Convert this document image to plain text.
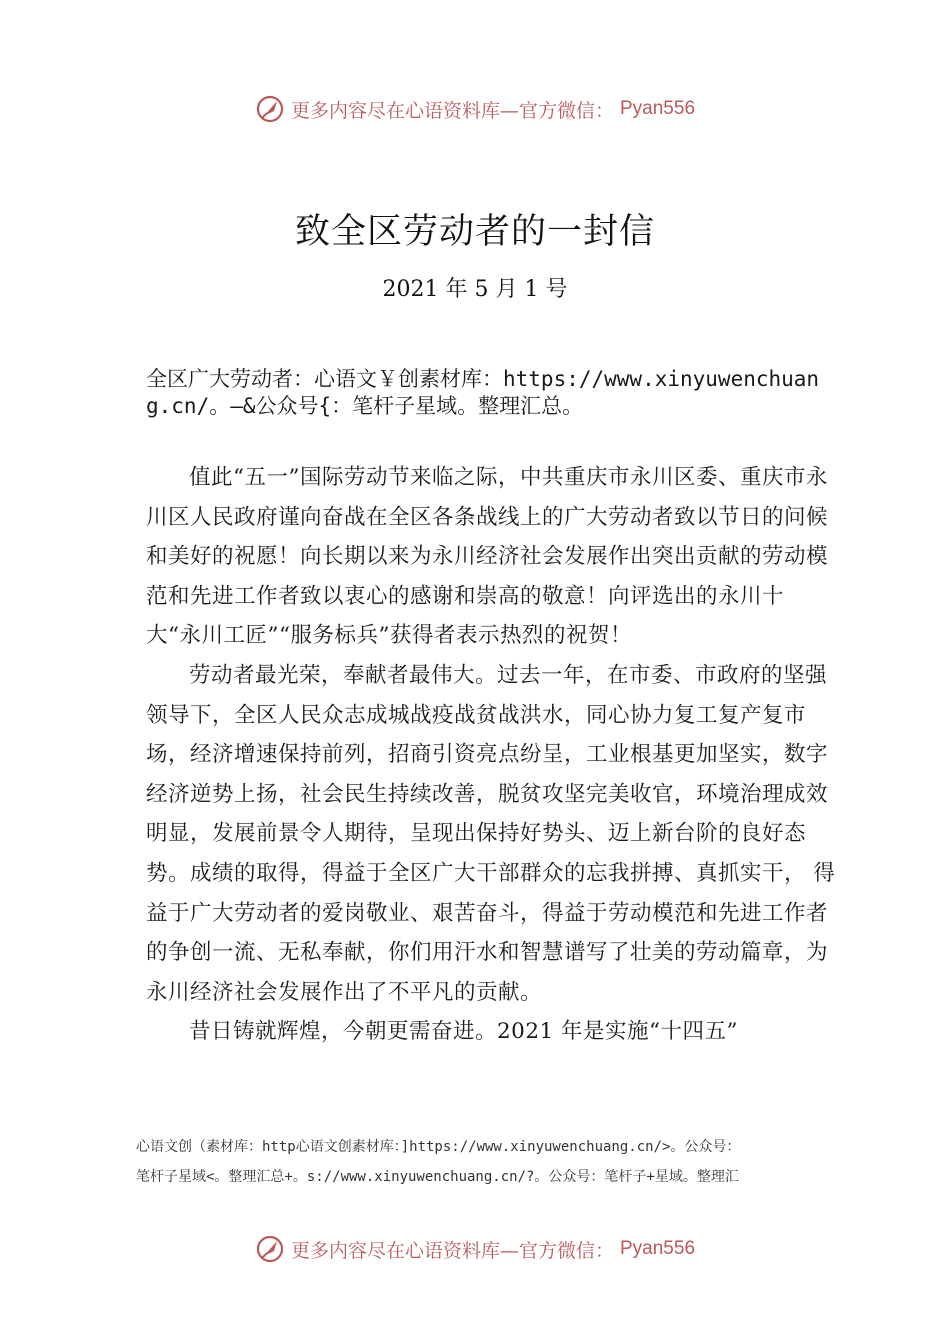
更多内容尽在心语资料库—官方微信： Pyan556
致全区劳动者的一封信
2021 年 5 月 1 号
全区广大劳动者：心语文￥创素材库：https://www.xinyuwenchuang.cn/。—&公众号{：笔杆子星域。整理汇总。

值此“五一”国际劳动节来临之际，中共重庆市永川区委、重庆市永川区人民政府谨向奋战在全区各条战线上的广大劳动者致以节日的问候和美好的祝愿！向长期以来为永川经济社会发展作出突出贡献的劳动模范和先进工作者致以衷心的感谢和崇高的敬意！向评选出的永川十大“永川工匠”“服务标兵”获得者表示热烈的祝贺！

劳动者最光荣，奉献者最伟大。过去一年，在市委、市政府的坚强领导下，全区人民众志成城战疫战贫战洪水，同心协力复工复产复市场，经济增速保持前列，招商引资亮点纷呈，工业根基更加坚实，数字经济逆势上扬，社会民生持续改善，脱贫攻坚完美收官，环境治理成效明显，发展前景令人期待，呈现出保持好势头、迈上新台阶的良好态势。成绩的取得，得益于全区广大干部群众的忘我拼搏、真抓实干， 得益于广大劳动者的爱岗敬业、艰苦奋斗，得益于劳动模范和先进工作者的争创一流、无私奉献，你们用汗水和智慧谱写了壮美的劳动篇章，为永川经济社会发展作出了不平凡的贡献。

昔日铸就辉煌，今朝更需奋进。2021 年是实施“十四五”

心语文创（素材库：http心语文创素材库：]https://www.xinyuwenchuang.cn/>。公众号：
笔杆子星域<。整理汇总+。s://www.xinyuwenchuang.cn/?。公众号：笔杆子+星域。整理汇
更多内容尽在心语资料库—官方微信： Pyan556
